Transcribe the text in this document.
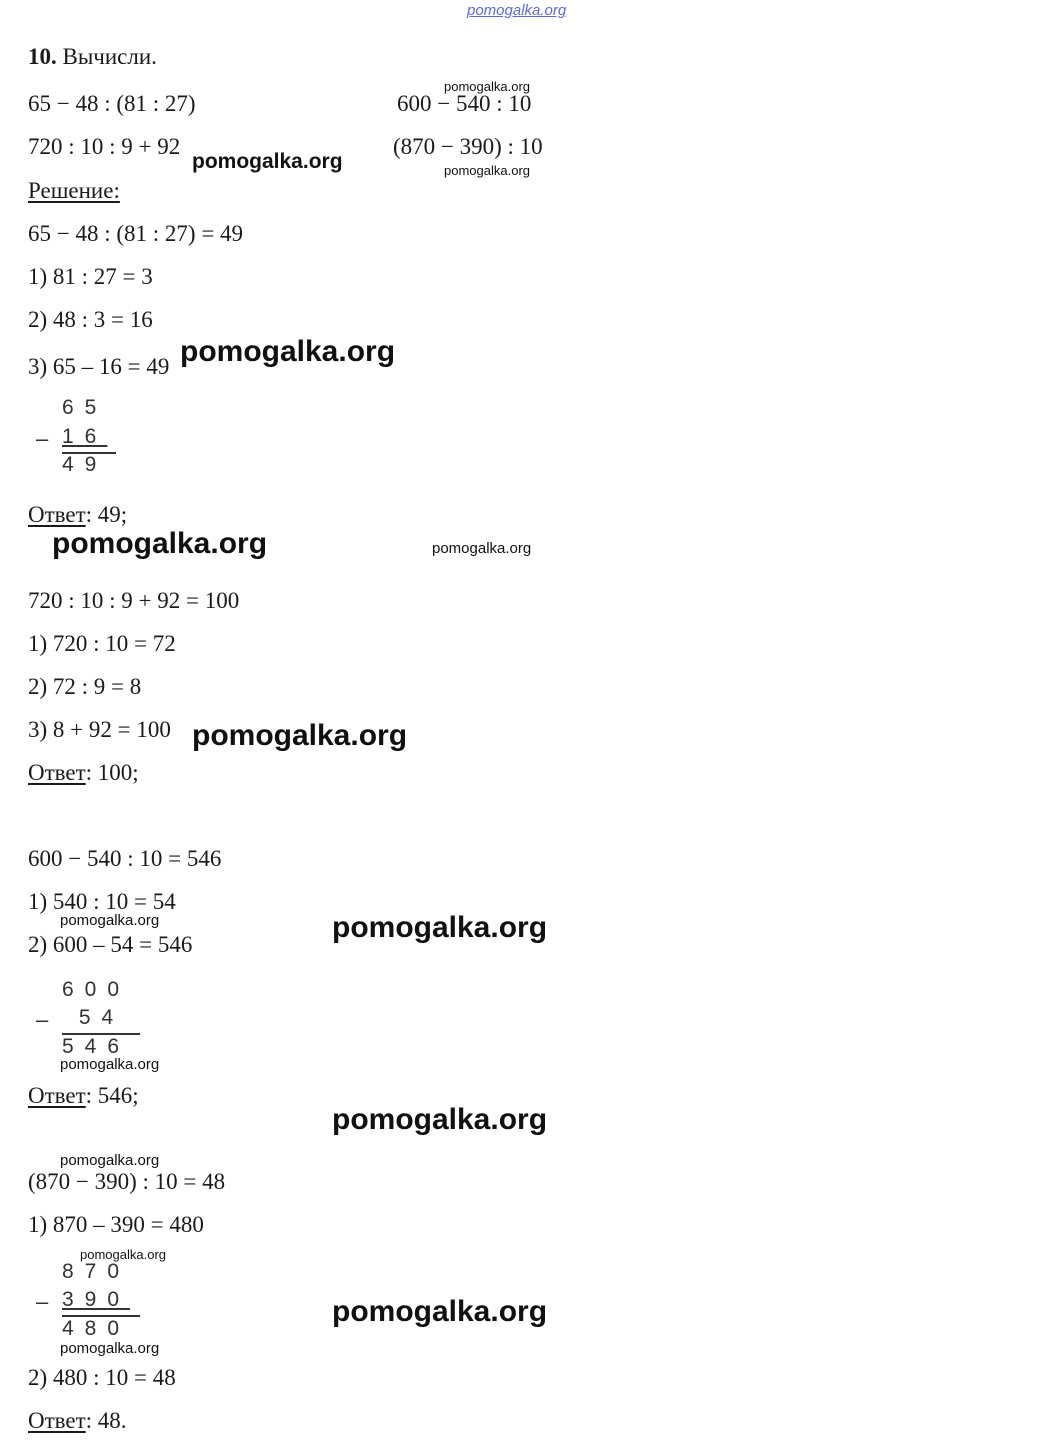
pomogalka.org
10. Вычисли.
65 − 48 : (81 : 27)	600 − 540 : 10
720 : 10 : 9 + 92	(870 − 390) : 10
pomogalka.org
pomogalka.org	pomogalka.org
Решение:
65 − 48 : (81 : 27) = 49
1) 81 : 27 = 3
2) 48 : 3 = 16
3) 65 – 16 = 49 pomogalka.org
65
– 16
49
Ответ: 49;
pomogalka.org	pomogalka.org
720 : 10 : 9 + 92 = 100
1) 720 : 10 = 72
2) 72 : 9 = 8
3) 8 + 92 = 100 pomogalka.org
Ответ: 100;
600 − 540 : 10 = 546
1) 540 : 10 = 54
pomogalka.org
2) 600 – 54 = 546
pomogalka.org
600
– 54
546
pomogalka.org
Ответ: 546;
pomogalka.org
pomogalka.org
(870 − 390) : 10 = 48
1) 870 – 390 = 480
pomogalka.org
870
– 390
480
pomogalka.org
pomogalka.org
2) 480 : 10 = 48
Ответ: 48.
